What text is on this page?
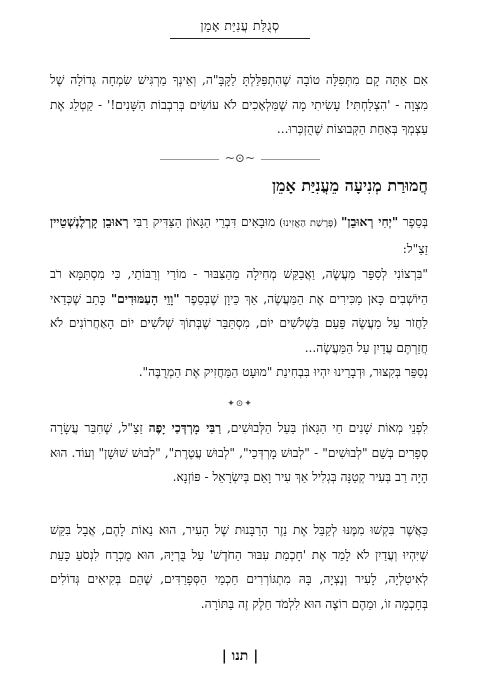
סְגֻלַּת עֲנִיַּת אָמֵן

אִם אַתָּה קָם מִתְּפִלָּה טוֹבָה שֶׁהִתְפַּלַּלְתָּ לַקָּבָּ"ה, וְאֵינְךָ מַרְגִּישׁ שִׂמְחָה גְּדוֹלָה שֶׁל מִצְוָה - 'הִצְלַחְתִּי! עָשִׂיתִי מָה שֶׁמַּלְאָכִים לֹא עוֹשִׂים בְּרִבְבוֹת הַשָּׁנִים!' - קַטְלֵג אֶת עַצְמְךָ בְּאַחַת הַקְּבוּצוֹת שֶׁהֻזְכְּרוּ...

~⊙~
חֲמוּרַת מְנִיעָה מֵעֲנִיַּת אָמֵן

בְּסֵפֶר "יְחִי רְאוּבֵן" (פָּרָשַׁת הַאֲזִינוּ) מוּבָאִים דִּבְרֵי הַגָּאוֹן הַצַּדִּיק רַבִּי רְאוּבֵן קָרְלֶנְשְׁטֵיין זַצַ"ל:

"בִּרְצוֹנִי לְסַפֵּר מַעֲשֶׂה, וַאֲבַקֵּשׁ מְחִילָה מֵהַצִּבּוּר - מוֹרַי וְרַבּוֹתַי, כִּי מִסְתַּמָּא רֹב הַיּוֹשְׁבִים כָּאן מַכִּירִים אֶת הַמַּעֲשֶׂה, אַךְ כֵּיוָן שֶׁבְּסֵפֶר "וָוֵי הָעַמּוּדִים" כָּתַב שֶׁכְּדַאי לַחֲזֹר עַל מַעֲשֶׂה פַּעַם בִּשְׁלֹשִׁים יוֹם, מִסְתַּבֵּר שֶׁבְּתוֹךְ שְׁלֹשִׁים יוֹם הָאַחֲרוֹנִים לֹא חֲזַרְתֶּם עֲדַיִן עַל הַמַּעֲשֶׂה...

נְסַפֵּר בְּקִצּוּר, וּדְבָרֵינוּ יִהְיוּ בִּבְחִינַת "מוּעָט הַמַּחֲזִיק אֶת הַמְרֻבֶּה".

✦⊙✦

לִפְנֵי מְאוֹת שָׁנִים חַי הַגָּאוֹן בַּעַל הַלְּבוּשִׁים, רַבִּי מָרְדְּכַי יָפֶה זַצַ"ל, שֶׁחִבֵּר עֲשָׂרָה סְפָרִים בְּשֵׁם "לְבוּשִׁים" - "לְבוּשׁ מָרְדְּכַי", "לְבוּשׁ עֲטֶרֶת", "לְבוּשׁ שׁוּשָׁן" וְעוֹד. הוּא הָיָה רַב בְּעִיר קְטַנָּה בְּגְלִיל אַךְ עִיר וָאֵם בְּיִשְׂרָאֵל - פּוֹזְנָא.

כַּאֲשֶׁר בִּקְשׁוּ מִמֶּנּוּ לְקַבֵּל אֶת נֵזֶר הָרַבָּנוּת שֶׁל הָעִיר, הוּא נֵאוֹת לָהֶם, אֲבָל בִּקֵּשׁ שֶׁיִּהְיוּ וְעֲדַיִן לֹא לָמַד אֶת 'חָכְמַת עִבּוּר הַחֹדֶשׁ' עַל בֻּרְיָהּ, הוּא מֻכְרָח לִנְסֹעַ כָּעֵת לְאִיטַלְיָה, לָעִיר וְנֶצְיָה, בָּהּ מִתְגּוֹרְרִים חַכְמֵי הַסְּפָרַדִּים, שֶׁהֵם בְּקִיאִים גְּדוֹלִים בְּחָכְמָה זוֹ, וּמֵהֶם רוֹצֶה הוּא לִלְמֹד חֵלֶק זֶה בַּתּוֹרָה.

| תנו |
